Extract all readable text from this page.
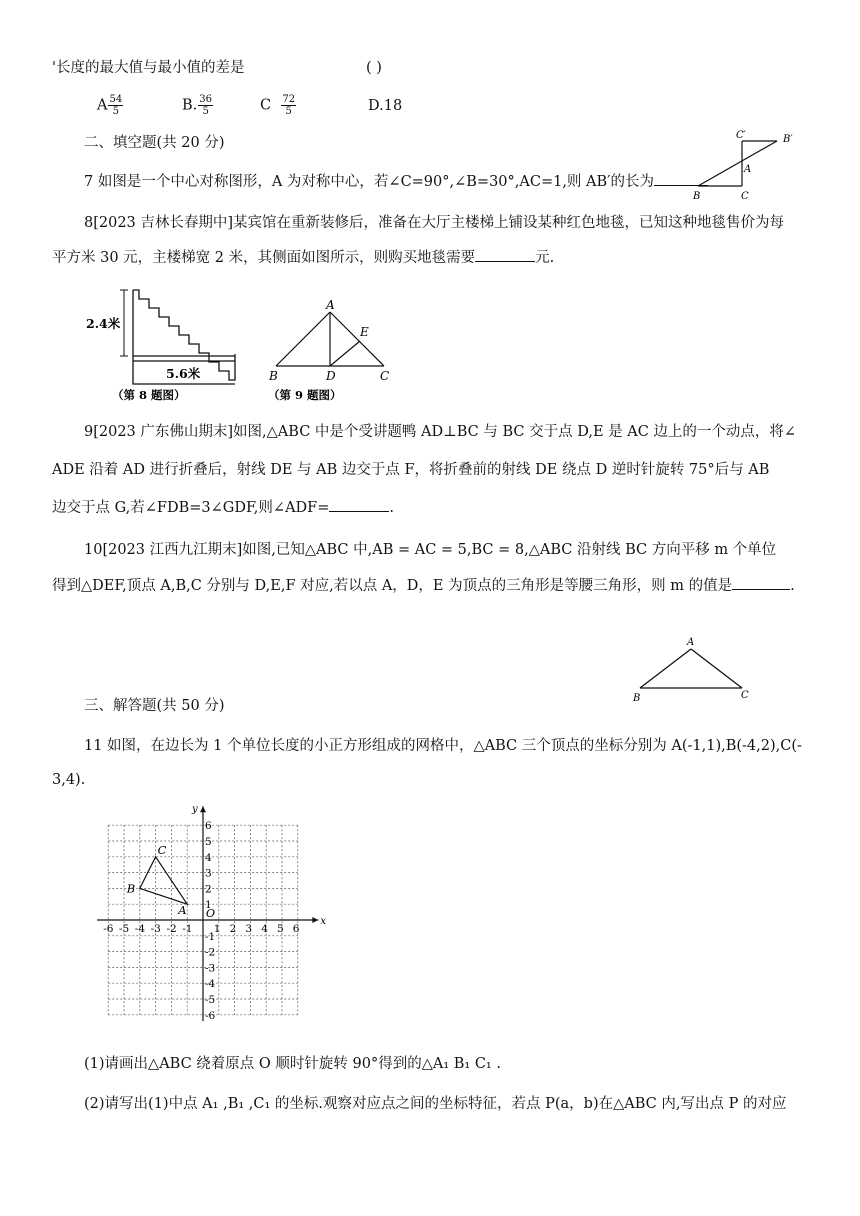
'长度的最大值与最小值的差是	( )
A $\frac{54}{5}$	B. $\frac{36}{5}$	C $\frac{72}{5}$	D.18
二、填空题(共 20 分)
7 如图是一个中心对称图形，A 为对称中心，若∠C=90°,∠B=30°,AC=1,则 AB′的长为
C′	B′
A
B	C
8[2023 吉林长春期中]某宾馆在重新装修后，准备在大厅主楼梯上铺设某种红色地毯，已知这种地毯售价为每
平方米 30 元，主楼梯宽 2 米，其侧面如图所示，则购买地毯需要	元.
2.4米
5.6米
（第 8 题图）
A
E
B	D	C
（第 9 题图）
9[2023 广东佛山期末]如图,△ABC 中是个受讲题鸭 AD⊥BC 与 BC 交于点 D,E 是 AC 边上的一个动点，将∠
ADE 沿着 AD 进行折叠后，射线 DE 与 AB 边交于点 F，将折叠前的射线 DE 绕点 D 逆时针旋转 75°后与 AB
边交于点 G,若∠FDB=3∠GDF,则∠ADF=	.
10[2023 江西九江期末]如图,已知△ABC 中,AB = AC = 5,BC = 8,△ABC 沿射线 BC 方向平移 m 个单位
得到△DEF,顶点 A,B,C 分别与 D,E,F 对应,若以点 A，D，E 为顶点的三角形是等腰三角形，则 m 的值是	.
A
B	C
三、解答题(共 50 分)
11 如图，在边长为 1 个单位长度的小正方形组成的网格中，△ABC 三个顶点的坐标分别为 A(-1,1),B(-4,2),C(-
3,4).
-6 -5 -4 -3 -2 -1 1 2 3 4 5 6
6
5
4
3
2
1
-1
-2
-3
-4
-5
-6
x
y
O
A
B
C
(1)请画出△ABC 绕着原点 O 顺时针旋转 90°得到的△A₁ B₁ C₁ .
(2)请写出(1)中点 A₁ ,B₁ ,C₁ 的坐标.观察对应点之间的坐标特征，若点 P(a，b)在△ABC 内,写出点 P 的对应
